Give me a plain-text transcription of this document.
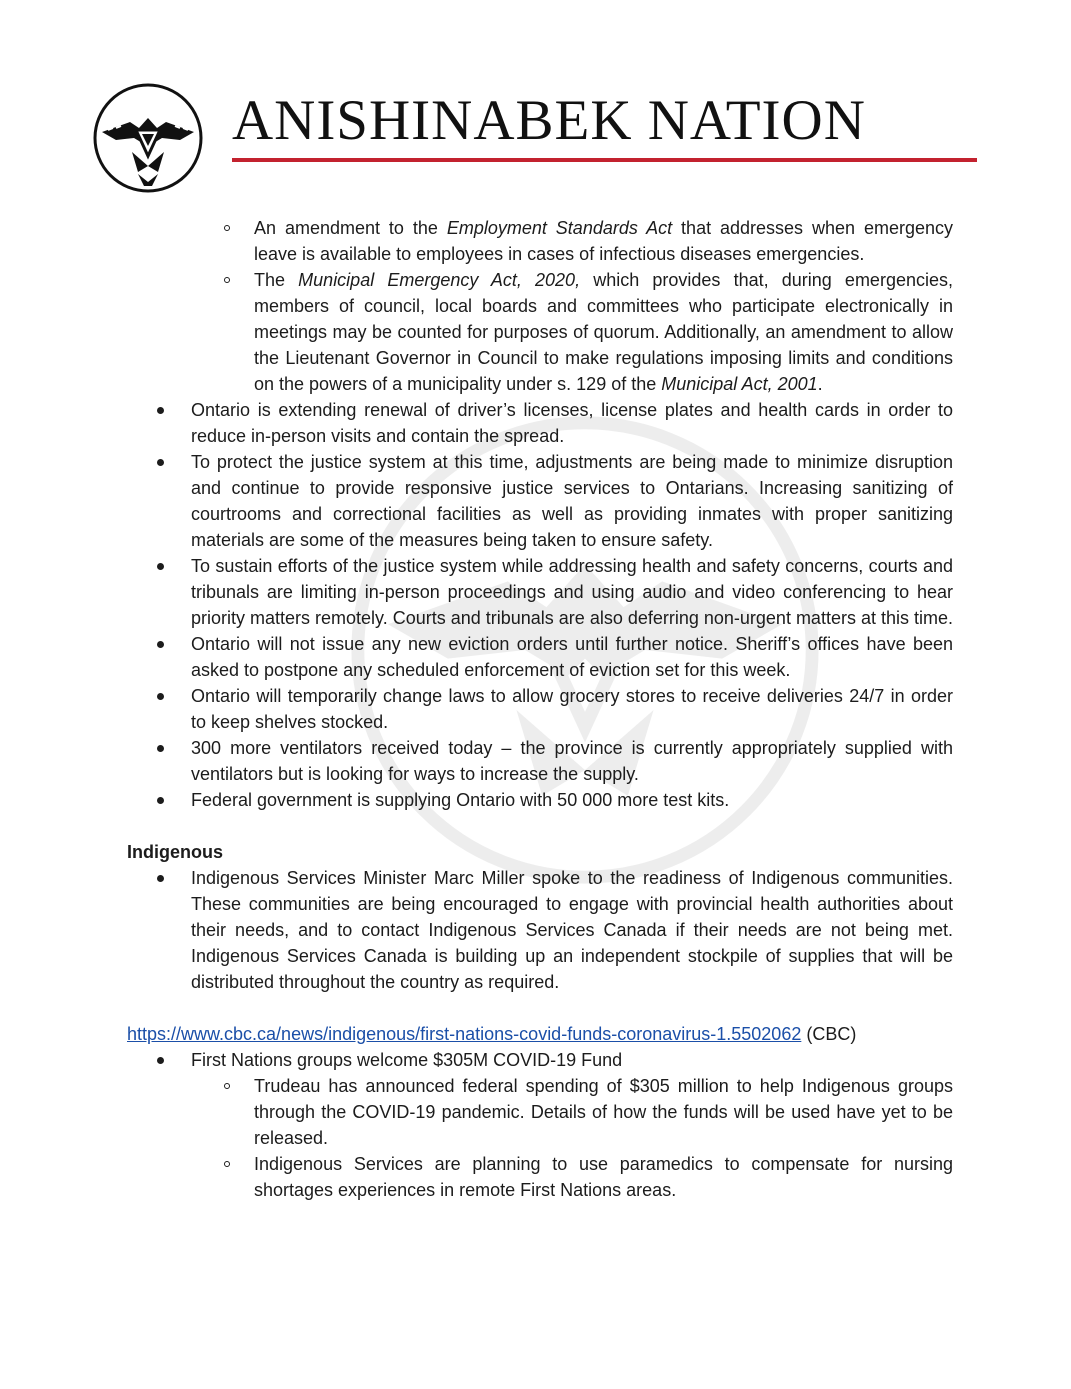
ANISHINABEK NATION
An amendment to the Employment Standards Act that addresses when emergency leave is available to employees in cases of infectious diseases emergencies.
The Municipal Emergency Act, 2020, which provides that, during emergencies, members of council, local boards and committees who participate electronically in meetings may be counted for purposes of quorum. Additionally, an amendment to allow the Lieutenant Governor in Council to make regulations imposing limits and conditions on the powers of a municipality under s. 129 of the Municipal Act, 2001.
Ontario is extending renewal of driver’s licenses, license plates and health cards in order to reduce in-person visits and contain the spread.
To protect the justice system at this time, adjustments are being made to minimize disruption and continue to provide responsive justice services to Ontarians. Increasing sanitizing of courtrooms and correctional facilities as well as providing inmates with proper sanitizing materials are some of the measures being taken to ensure safety.
To sustain efforts of the justice system while addressing health and safety concerns, courts and tribunals are limiting in-person proceedings and using audio and video conferencing to hear priority matters remotely. Courts and tribunals are also deferring non-urgent matters at this time.
Ontario will not issue any new eviction orders until further notice. Sheriff’s offices have been asked to postpone any scheduled enforcement of eviction set for this week.
Ontario will temporarily change laws to allow grocery stores to receive deliveries 24/7 in order to keep shelves stocked.
300 more ventilators received today – the province is currently appropriately supplied with ventilators but is looking for ways to increase the supply.
Federal government is supplying Ontario with 50 000 more test kits.
Indigenous
Indigenous Services Minister Marc Miller spoke to the readiness of Indigenous communities. These communities are being encouraged to engage with provincial health authorities about their needs, and to contact Indigenous Services Canada if their needs are not being met. Indigenous Services Canada is building up an independent stockpile of supplies that will be distributed throughout the country as required.
https://www.cbc.ca/news/indigenous/first-nations-covid-funds-coronavirus-1.5502062 (CBC)
First Nations groups welcome $305M COVID-19 Fund
Trudeau has announced federal spending of $305 million to help Indigenous groups through the COVID-19 pandemic. Details of how the funds will be used have yet to be released.
Indigenous Services are planning to use paramedics to compensate for nursing shortages experiences in remote First Nations areas.
